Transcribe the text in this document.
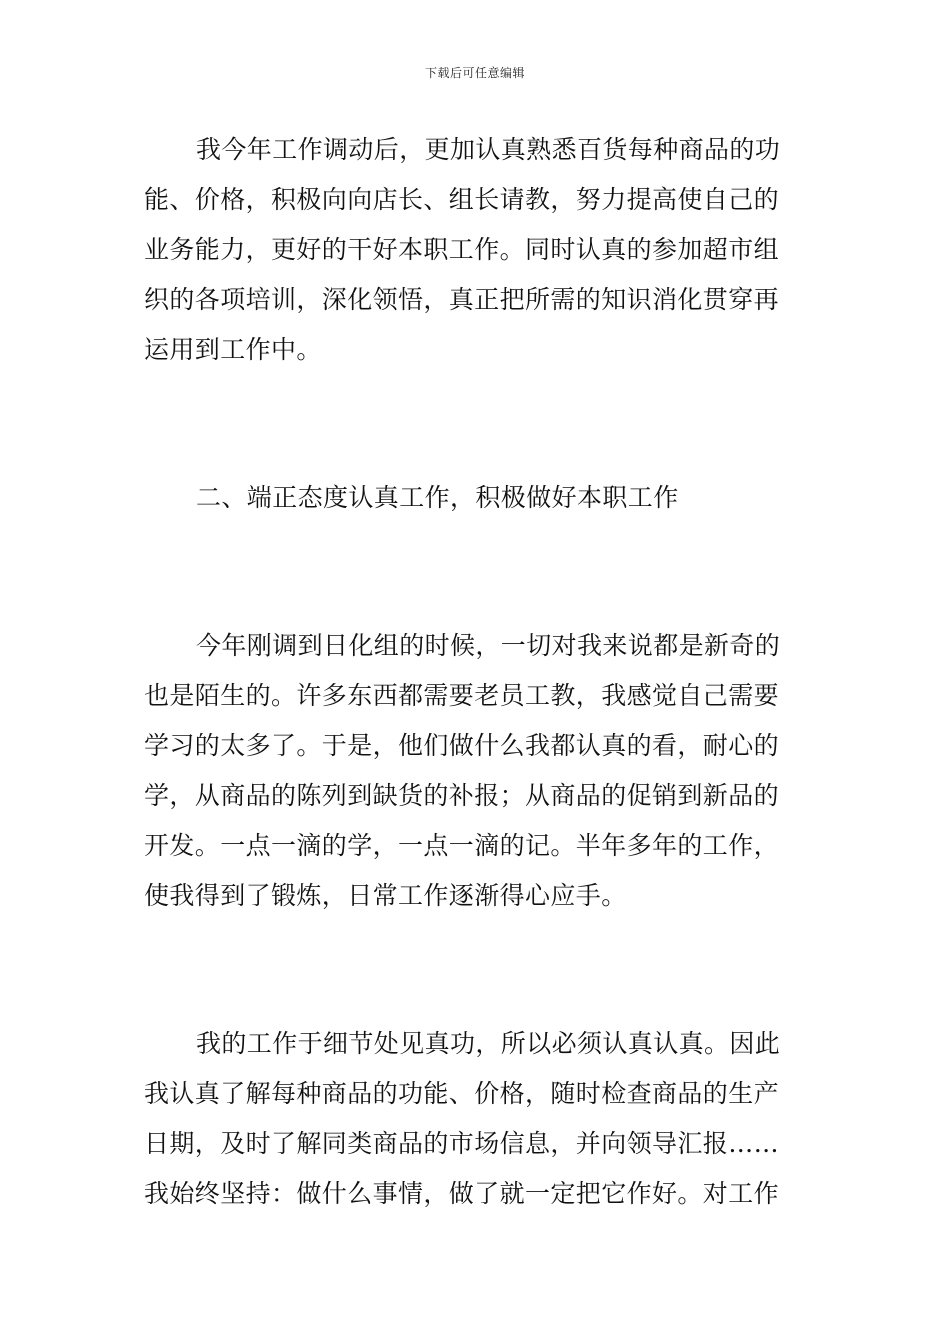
下载后可任意编辑
我今年工作调动后，更加认真熟悉百货每种商品的功
能、价格，积极向向店长、组长请教，努力提高使自己的
业务能力，更好的干好本职工作。同时认真的参加超市组
织的各项培训，深化领悟，真正把所需的知识消化贯穿再
运用到工作中。
二、端正态度认真工作，积极做好本职工作
今年刚调到日化组的时候，一切对我来说都是新奇的
也是陌生的。许多东西都需要老员工教，我感觉自己需要
学习的太多了。于是，他们做什么我都认真的看，耐心的
学，从商品的陈列到缺货的补报；从商品的促销到新品的
开发。一点一滴的学，一点一滴的记。半年多年的工作，
使我得到了锻炼，日常工作逐渐得心应手。
我的工作于细节处见真功，所以必须认真认真。因此
我认真了解每种商品的功能、价格，随时检查商品的生产
日期，及时了解同类商品的市场信息，并向领导汇报……
我始终坚持：做什么事情，做了就一定把它作好。对工作
